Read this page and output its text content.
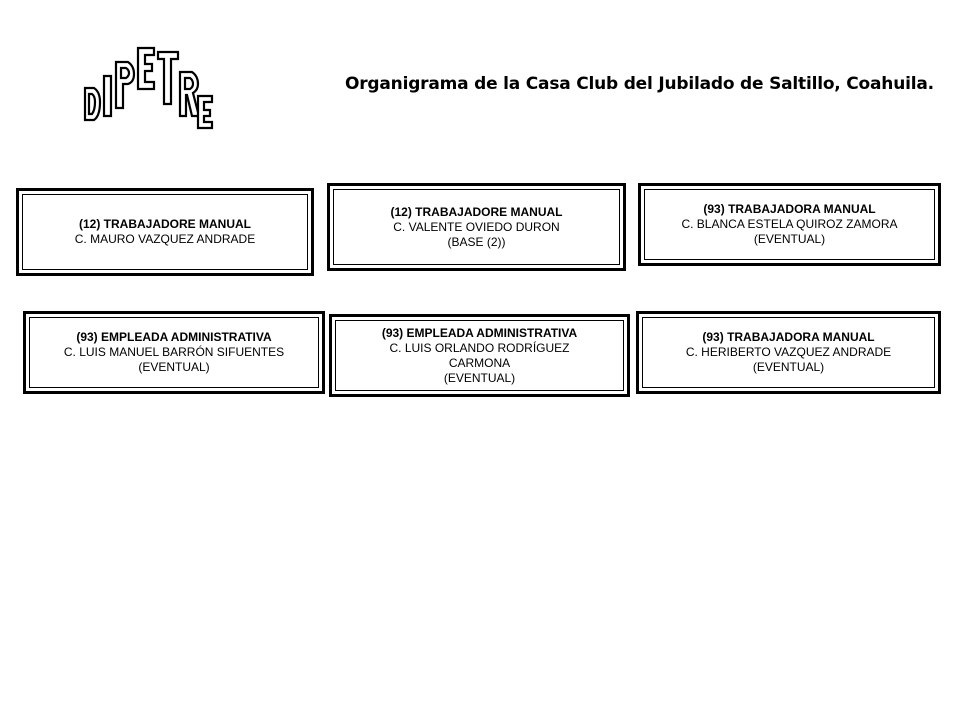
DIPETRE
Organigrama de la Casa Club del Jubilado de Saltillo, Coahuila.
(12) TRABAJADORE MANUAL
C. MAURO VAZQUEZ ANDRADE
(12) TRABAJADORE MANUAL
C. VALENTE OVIEDO DURON
(BASE (2))
(93) TRABAJADORA MANUAL
C. BLANCA ESTELA QUIROZ ZAMORA
(EVENTUAL)
(93) EMPLEADA ADMINISTRATIVA
C. LUIS MANUEL BARRÓN SIFUENTES
(EVENTUAL)
(93) EMPLEADA ADMINISTRATIVA
C. LUIS ORLANDO RODRÍGUEZ
CARMONA
(EVENTUAL)
(93) TRABAJADORA MANUAL
C. HERIBERTO VAZQUEZ ANDRADE
(EVENTUAL)
